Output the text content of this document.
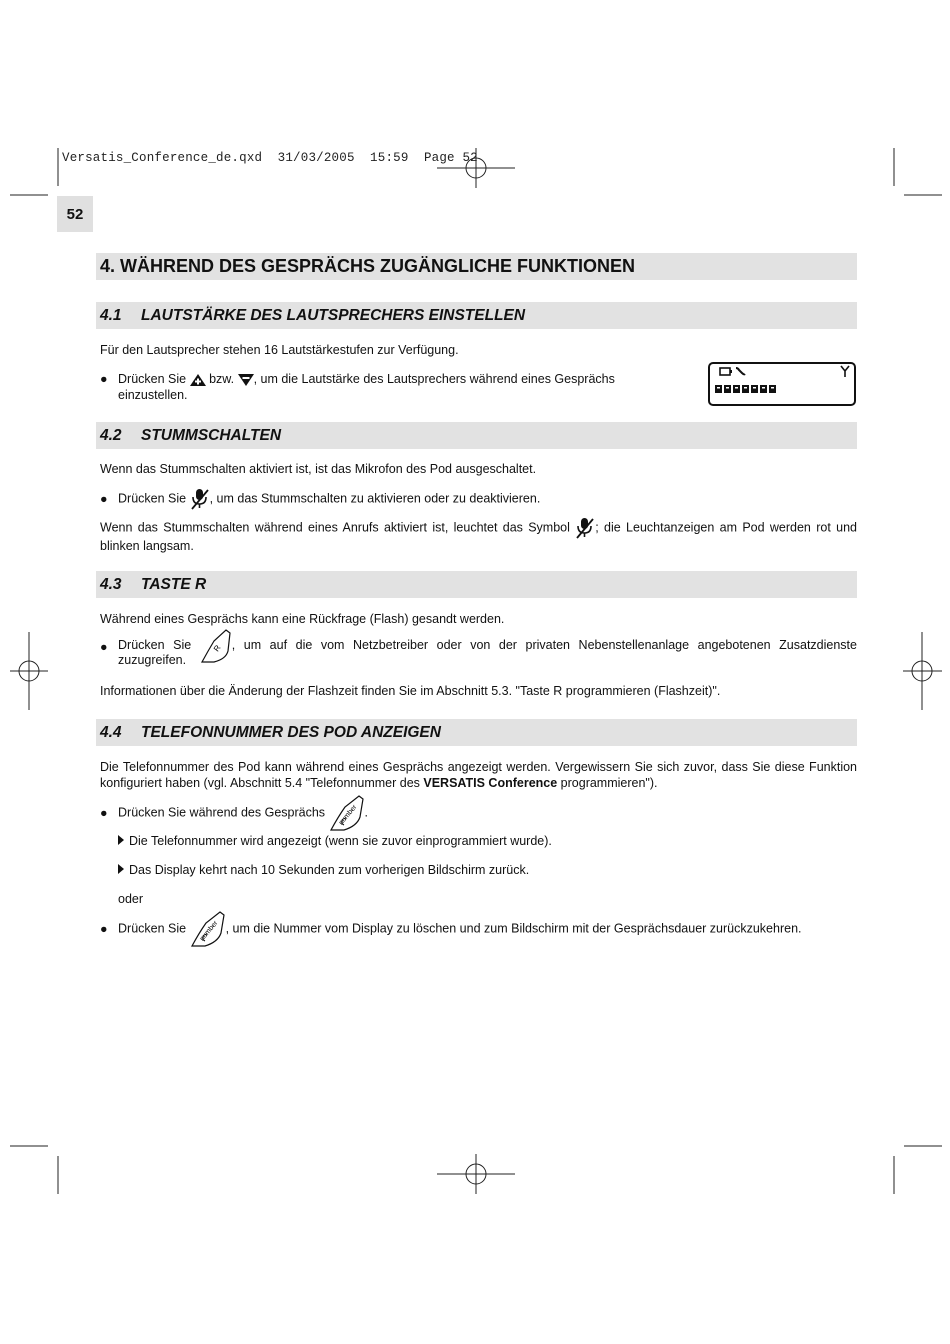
Versatis_Conference_de.qxd  31/03/2005  15:59  Page 52
52
4. WÄHREND DES GESPRÄCHS ZUGÄNGLICHE FUNKTIONEN
4.1 LAUTSTÄRKE DES LAUTSPRECHERS EINSTELLEN
Für den Lautsprecher stehen 16 Lautstärkestufen zur Verfügung.
● Drücken Sie bzw. , um die Lautstärke des Lautsprechers während eines Gesprächs
einzustellen.
4.2 STUMMSCHALTEN
Wenn das Stummschalten aktiviert ist, ist das Mikrofon des Pod ausgeschaltet.
● Drücken Sie , um das Stummschalten zu aktivieren oder zu deaktivieren.
Wenn das Stummschalten während eines Anrufs aktiviert ist, leuchtet das Symbol ; die Leuchtanzeigen am Pod werden rot und
blinken langsam.
4.3 TASTE R
Während eines Gesprächs kann eine Rückfrage (Flash) gesandt werden.
● Drücken Sie	R , um auf die vom Netzbetreiber oder von der privaten Nebenstellenanlage angebotenen Zusatzdienste
zuzugreifen.
Informationen über die Änderung der Flashzeit finden Sie im Abschnitt 5.3. "Taste R programmieren (Flashzeit)".
4.4 TELEFONNUMMER DES POD ANZEIGEN
Die Telefonnummer des Pod kann während eines Gesprächs angezeigt werden. Vergewissern Sie sich zuvor, dass Sie diese Funktion
konfiguriert haben (vgl. Abschnitt 5.4 "Telefonnummer des VERSATIS Conference programmieren").
● Drücken Sie während des Gesprächs number .
Die Telefonnummer wird angezeigt (wenn sie zuvor einprogrammiert wurde).
Das Display kehrt nach 10 Sekunden zum vorherigen Bildschirm zurück.
oder
● Drücken Sie number , um die Nummer vom Display zu löschen und zum Bildschirm mit der Gesprächsdauer zurückzukehren.
